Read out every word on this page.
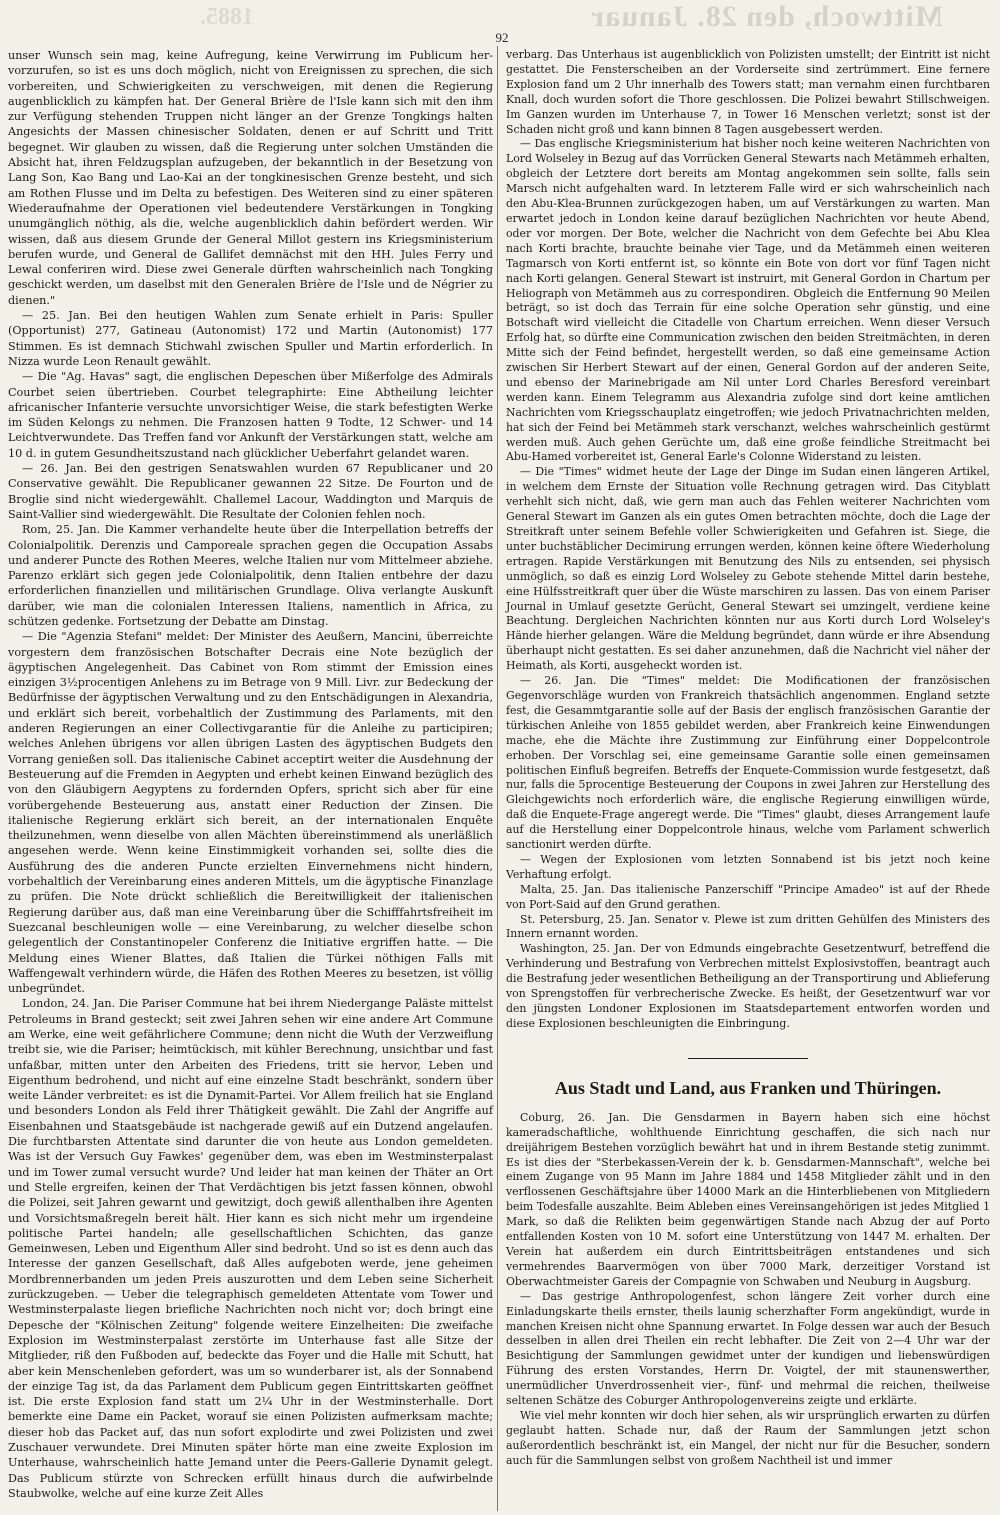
Mittwoch, den 28. Januar
1885.
92

unser Wunsch sein mag, keine Aufregung, keine Verwirrung im Publicum her-vorzurufen, so ist es uns doch möglich, nicht von Ereignissen zu sprechen, die sich vorbereiten, und Schwierigkeiten zu verschweigen, mit denen die Regierung augenblicklich zu kämpfen hat. Der General Brière de l'Isle kann sich mit den ihm zur Verfügung stehenden Truppen nicht länger an der Grenze Tongkings halten Angesichts der Massen chinesischer Soldaten, denen er auf Schritt und Tritt begegnet. Wir glauben zu wissen, daß die Regierung unter solchen Umständen die Absicht hat, ihren Feldzugsplan aufzugeben, der bekanntlich in der Besetzung von Lang Son, Kao Bang und Lao-Kai an der tongkinesischen Grenze besteht, und sich am Rothen Flusse und im Delta zu befestigen. Des Weiteren sind zu einer späteren Wiederaufnahme der Operationen viel bedeutendere Verstärkungen in Tongking unumgänglich nöthig, als die, welche augenblicklich dahin befördert werden. Wir wissen, daß aus diesem Grunde der General Millot gestern ins Kriegsministerium berufen wurde, und General de Gallifet demnächst mit den HH. Jules Ferry und Lewal conferiren wird. Diese zwei Generale dürften wahrscheinlich nach Tongking geschickt werden, um daselbst mit den Generalen Brière de l'Isle und de Négrier zu dienen."

— 25. Jan. Bei den heutigen Wahlen zum Senate erhielt in Paris: Spuller (Opportunist) 277, Gatineau (Autonomist) 172 und Martin (Autonomist) 177 Stimmen. Es ist demnach Stichwahl zwischen Spuller und Martin erforderlich. In Nizza wurde Leon Renault gewählt.

— Die "Ag. Havas" sagt, die englischen Depeschen über Mißerfolge des Admirals Courbet seien übertrieben. Courbet telegraphirte: Eine Abtheilung leichter africanischer Infanterie versuchte unvorsichtiger Weise, die stark befestigten Werke im Süden Kelongs zu nehmen. Die Franzosen hatten 9 Todte, 12 Schwer- und 14 Leichtverwundete. Das Treffen fand vor Ankunft der Verstärkungen statt, welche am 10 d. in gutem Gesundheitszustand nach glücklicher Ueberfahrt gelandet waren.

— 26. Jan. Bei den gestrigen Senatswahlen wurden 67 Republicaner und 20 Conservative gewählt. Die Republicaner gewannen 22 Sitze. De Fourton und de Broglie sind nicht wiedergewählt. Challemel Lacour, Waddington und Marquis de Saint-Vallier sind wiedergewählt. Die Resultate der Colonien fehlen noch.

Rom, 25. Jan. Die Kammer verhandelte heute über die Interpellation betreffs der Colonialpolitik. Derenzis und Camporeale sprachen gegen die Occupation Assabs und anderer Puncte des Rothen Meeres, welche Italien nur vom Mittelmeer abziehe. Parenzo erklärt sich gegen jede Colonialpolitik, denn Italien entbehre der dazu erforderlichen finanziellen und militärischen Grundlage. Oliva verlangte Auskunft darüber, wie man die colonialen Interessen Italiens, namentlich in Africa, zu schützen gedenke. Fortsetzung der Debatte am Dinstag.

— Die "Agenzia Stefani" meldet: Der Minister des Aeußern, Mancini, überreichte vorgestern dem französischen Botschafter Decrais eine Note bezüglich der ägyptischen Angelegenheit. Das Cabinet von Rom stimmt der Emission eines einzigen 3½procentigen Anlehens zu im Betrage von 9 Mill. Livr. zur Bedeckung der Bedürfnisse der ägyptischen Verwaltung und zu den Entschädigungen in Alexandria, und erklärt sich bereit, vorbehaltlich der Zustimmung des Parlaments, mit den anderen Regierungen an einer Collectivgarantie für die Anleihe zu participiren; welches Anlehen übrigens vor allen übrigen Lasten des ägyptischen Budgets den Vorrang genießen soll. Das italienische Cabinet acceptirt weiter die Ausdehnung der Besteuerung auf die Fremden in Aegypten und erhebt keinen Einwand bezüglich des von den Gläubigern Aegyptens zu fordernden Opfers, spricht sich aber für eine vorübergehende Besteuerung aus, anstatt einer Reduction der Zinsen. Die italienische Regierung erklärt sich bereit, an der internationalen Enquête theilzunehmen, wenn dieselbe von allen Mächten übereinstimmend als unerläßlich angesehen werde. Wenn keine Einstimmigkeit vorhanden sei, sollte dies die Ausführung des die anderen Puncte erzielten Einvernehmens nicht hindern, vorbehaltlich der Vereinbarung eines anderen Mittels, um die ägyptische Finanzlage zu prüfen. Die Note drückt schließlich die Bereitwilligkeit der italienischen Regierung darüber aus, daß man eine Vereinbarung über die Schifffahrtsfreiheit im Suezcanal beschleunigen wolle — eine Vereinbarung, zu welcher dieselbe schon gelegentlich der Constantinopeler Conferenz die Initiative ergriffen hatte. — Die Meldung eines Wiener Blattes, daß Italien die Türkei nöthigen Falls mit Waffengewalt verhindern würde, die Häfen des Rothen Meeres zu besetzen, ist völlig unbegründet.

London, 24. Jan. Die Pariser Commune hat bei ihrem Niedergange Paläste mittelst Petroleums in Brand gesteckt; seit zwei Jahren sehen wir eine andere Art Commune am Werke, eine weit gefährlichere Commune; denn nicht die Wuth der Verzweiflung treibt sie, wie die Pariser; heimtückisch, mit kühler Berechnung, unsichtbar und fast unfaßbar, mitten unter den Arbeiten des Friedens, tritt sie hervor, Leben und Eigenthum bedrohend, und nicht auf eine einzelne Stadt beschränkt, sondern über weite Länder verbreitet: es ist die Dynamit-Partei. Vor Allem freilich hat sie England und besonders London als Feld ihrer Thätigkeit gewählt. Die Zahl der Angriffe auf Eisenbahnen und Staatsgebäude ist nachgerade gewiß auf ein Dutzend angelaufen. Die furchtbarsten Attentate sind darunter die von heute aus London gemeldeten. Was ist der Versuch Guy Fawkes' gegenüber dem, was eben im Westminsterpalast und im Tower zumal versucht wurde? Und leider hat man keinen der Thäter an Ort und Stelle ergreifen, keinen der That Verdächtigen bis jetzt fassen können, obwohl die Polizei, seit Jahren gewarnt und gewitzigt, doch gewiß allenthalben ihre Agenten und Vorsichtsmaßregeln bereit hält. Hier kann es sich nicht mehr um irgendeine politische Partei handeln; alle gesellschaftlichen Schichten, das ganze Gemeinwesen, Leben und Eigenthum Aller sind bedroht. Und so ist es denn auch das Interesse der ganzen Gesellschaft, daß Alles aufgeboten werde, jene geheimen Mordbrennerbanden um jeden Preis auszurotten und dem Leben seine Sicherheit zurückzugeben. — Ueber die telegraphisch gemeldeten Attentate vom Tower und Westminsterpalaste liegen briefliche Nachrichten noch nicht vor; doch bringt eine Depesche der "Kölnischen Zeitung" folgende weitere Einzelheiten: Die zweifache Explosion im Westminsterpalast zerstörte im Unterhause fast alle Sitze der Mitglieder, riß den Fußboden auf, bedeckte das Foyer und die Halle mit Schutt, hat aber kein Menschenleben gefordert, was um so wunderbarer ist, als der Sonnabend der einzige Tag ist, da das Parlament dem Publicum gegen Eintrittskarten geöffnet ist. Die erste Explosion fand statt um 2¼ Uhr in der Westminsterhalle. Dort bemerkte eine Dame ein Packet, worauf sie einen Polizisten aufmerksam machte; dieser hob das Packet auf, das nun sofort explodirte und zwei Polizisten und zwei Zuschauer verwundete. Drei Minuten später hörte man eine zweite Explosion im Unterhause, wahrscheinlich hatte Jemand unter die Peers-Gallerie Dynamit gelegt. Das Publicum stürzte von Schrecken erfüllt hinaus durch die aufwirbelnde Staubwolke, welche auf eine kurze Zeit Alles

verbarg. Das Unterhaus ist augenblicklich von Polizisten umstellt; der Eintritt ist nicht gestattet. Die Fensterscheiben an der Vorderseite sind zertrümmert. Eine fernere Explosion fand um 2 Uhr innerhalb des Towers statt; man vernahm einen furchtbaren Knall, doch wurden sofort die Thore geschlossen. Die Polizei bewahrt Stillschweigen. Im Ganzen wurden im Unterhause 7, in Tower 16 Menschen verletzt; sonst ist der Schaden nicht groß und kann binnen 8 Tagen ausgebessert werden.

— Das englische Kriegsministerium hat bisher noch keine weiteren Nachrichten von Lord Wolseley in Bezug auf das Vorrücken General Stewarts nach Metämmeh erhalten, obgleich der Letztere dort bereits am Montag angekommen sein sollte, falls sein Marsch nicht aufgehalten ward. In letzterem Falle wird er sich wahrscheinlich nach den Abu-Klea-Brunnen zurückgezogen haben, um auf Verstärkungen zu warten. Man erwartet jedoch in London keine darauf bezüglichen Nachrichten vor heute Abend, oder vor morgen. Der Bote, welcher die Nachricht von dem Gefechte bei Abu Klea nach Korti brachte, brauchte beinahe vier Tage, und da Metämmeh einen weiteren Tagmarsch von Korti entfernt ist, so könnte ein Bote von dort vor fünf Tagen nicht nach Korti gelangen. General Stewart ist instruirt, mit General Gordon in Chartum per Heliograph von Metämmeh aus zu correspondiren. Obgleich die Entfernung 90 Meilen beträgt, so ist doch das Terrain für eine solche Operation sehr günstig, und eine Botschaft wird vielleicht die Citadelle von Chartum erreichen. Wenn dieser Versuch Erfolg hat, so dürfte eine Communication zwischen den beiden Streitmächten, in deren Mitte sich der Feind befindet, hergestellt werden, so daß eine gemeinsame Action zwischen Sir Herbert Stewart auf der einen, General Gordon auf der anderen Seite, und ebenso der Marinebrigade am Nil unter Lord Charles Beresford vereinbart werden kann. Einem Telegramm aus Alexandria zufolge sind dort keine amtlichen Nachrichten vom Kriegsschauplatz eingetroffen; wie jedoch Privatnachrichten melden, hat sich der Feind bei Metämmeh stark verschanzt, welches wahrscheinlich gestürmt werden muß. Auch gehen Gerüchte um, daß eine große feindliche Streitmacht bei Abu-Hamed vorbereitet ist, General Earle's Colonne Widerstand zu leisten.

— Die "Times" widmet heute der Lage der Dinge im Sudan einen längeren Artikel, in welchem dem Ernste der Situation volle Rechnung getragen wird. Das Cityblatt verhehlt sich nicht, daß, wie gern man auch das Fehlen weiterer Nachrichten vom General Stewart im Ganzen als ein gutes Omen betrachten möchte, doch die Lage der Streitkraft unter seinem Befehle voller Schwierigkeiten und Gefahren ist. Siege, die unter buchstäblicher Decimirung errungen werden, können keine öftere Wiederholung ertragen. Rapide Verstärkungen mit Benutzung des Nils zu entsenden, sei physisch unmöglich, so daß es einzig Lord Wolseley zu Gebote stehende Mittel darin bestehe, eine Hülfsstreitkraft quer über die Wüste marschiren zu lassen. Das von einem Pariser Journal in Umlauf gesetzte Gerücht, General Stewart sei umzingelt, verdiene keine Beachtung. Dergleichen Nachrichten könnten nur aus Korti durch Lord Wolseley's Hände hierher gelangen. Wäre die Meldung begründet, dann würde er ihre Absendung überhaupt nicht gestatten. Es sei daher anzunehmen, daß die Nachricht viel näher der Heimath, als Korti, ausgeheckt worden ist.

— 26. Jan. Die "Times" meldet: Die Modificationen der französischen Gegenvorschläge wurden von Frankreich thatsächlich angenommen. England setzte fest, die Gesammtgarantie solle auf der Basis der englisch französischen Garantie der türkischen Anleihe von 1855 gebildet werden, aber Frankreich keine Einwendungen mache, ehe die Mächte ihre Zustimmung zur Einführung einer Doppelcontrole erhoben. Der Vorschlag sei, eine gemeinsame Garantie solle einen gemeinsamen politischen Einfluß begreifen. Betreffs der Enquete-Commission wurde festgesetzt, daß nur, falls die 5procentige Besteuerung der Coupons in zwei Jahren zur Herstellung des Gleichgewichts noch erforderlich wäre, die englische Regierung einwilligen würde, daß die Enquete-Frage angeregt werde. Die "Times" glaubt, dieses Arrangement laufe auf die Herstellung einer Doppelcontrole hinaus, welche vom Parlament schwerlich sanctionirt werden dürfte.

— Wegen der Explosionen vom letzten Sonnabend ist bis jetzt noch keine Verhaftung erfolgt.

Malta, 25. Jan. Das italienische Panzerschiff "Principe Amadeo" ist auf der Rhede von Port-Said auf den Grund gerathen.

St. Petersburg, 25. Jan. Senator v. Plewe ist zum dritten Gehülfen des Ministers des Innern ernannt worden.

Washington, 25. Jan. Der von Edmunds eingebrachte Gesetzentwurf, betreffend die Verhinderung und Bestrafung von Verbrechen mittelst Explosivstoffen, beantragt auch die Bestrafung jeder wesentlichen Betheiligung an der Transportirung und Ablieferung von Sprengstoffen für verbrecherische Zwecke. Es heißt, der Gesetzentwurf war vor den jüngsten Londoner Explosionen im Staatsdepartement entworfen worden und diese Explosionen beschleunigten die Einbringung.

Aus Stadt und Land, aus Franken und Thüringen.

Coburg, 26. Jan. Die Gensdarmen in Bayern haben sich eine höchst kameradschaftliche, wohlthuende Einrichtung geschaffen, die sich nach nur dreijährigem Bestehen vorzüglich bewährt hat und in ihrem Bestande stetig zunimmt. Es ist dies der "Sterbekassen-Verein der k. b. Gensdarmen-Mannschaft", welche bei einem Zugange von 95 Mann im Jahre 1884 und 1458 Mitglieder zählt und in den verflossenen Geschäftsjahre über 14000 Mark an die Hinterbliebenen von Mitgliedern beim Todesfalle auszahlte. Beim Ableben eines Vereinsangehörigen ist jedes Mitglied 1 Mark, so daß die Relikten beim gegenwärtigen Stande nach Abzug der auf Porto entfallenden Kosten von 10 M. sofort eine Unterstützung von 1447 M. erhalten. Der Verein hat außerdem ein durch Eintrittsbeiträgen entstandenes und sich vermehrendes Baarvermögen von über 7000 Mark, derzeitiger Vorstand ist Oberwachtmeister Gareis der Compagnie von Schwaben und Neuburg in Augsburg.

— Das gestrige Anthropologenfest, schon längere Zeit vorher durch eine Einladungskarte theils ernster, theils launig scherzhafter Form angekündigt, wurde in manchen Kreisen nicht ohne Spannung erwartet. In Folge dessen war auch der Besuch desselben in allen drei Theilen ein recht lebhafter. Die Zeit von 2—4 Uhr war der Besichtigung der Sammlungen gewidmet unter der kundigen und liebenswürdigen Führung des ersten Vorstandes, Herrn Dr. Voigtel, der mit staunenswerther, unermüdlicher Unverdrossenheit vier-, fünf- und mehrmal die reichen, theilweise seltenen Schätze des Coburger Anthropologenvereins zeigte und erklärte.

Wie viel mehr konnten wir doch hier sehen, als wir ursprünglich erwarten zu dürfen geglaubt hatten. Schade nur, daß der Raum der Sammlungen jetzt schon außerordentlich beschränkt ist, ein Mangel, der nicht nur für die Besucher, sondern auch für die Sammlungen selbst von großem Nachtheil ist und immer
